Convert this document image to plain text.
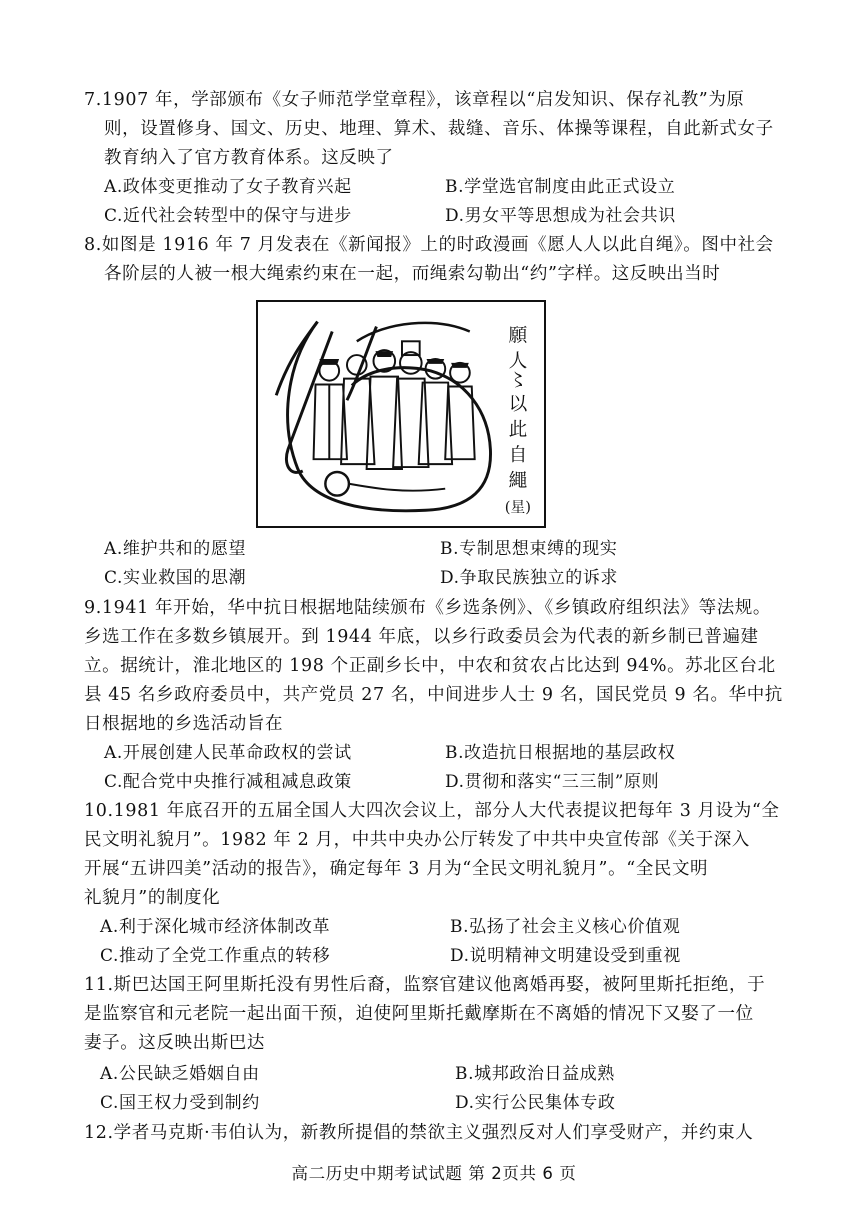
7.1907 年，学部颁布《女子师范学堂章程》，该章程以“启发知识、保存礼教”为原
则，设置修身、国文、历史、地理、算术、裁缝、音乐、体操等课程，自此新式女子
教育纳入了官方教育体系。这反映了
A.政体变更推动了女子教育兴起	B.学堂选官制度由此正式设立
C.近代社会转型中的保守与进步	D.男女平等思想成为社会共识
8.如图是 1916 年 7 月发表在《新闻报》上的时政漫画《愿人人以此自绳》。图中社会
各阶层的人被一根大绳索约束在一起，而绳索勾勒出“约”字样。这反映出当时
願
人
〻
以
此
自
繩
(星)
A.维护共和的愿望	B.专制思想束缚的现实
C.实业救国的思潮	D.争取民族独立的诉求
9.1941 年开始，华中抗日根据地陆续颁布《乡选条例》、《乡镇政府组织法》等法规。
乡选工作在多数乡镇展开。到 1944 年底，以乡行政委员会为代表的新乡制已普遍建
立。据统计，淮北地区的 198 个正副乡长中，中农和贫农占比达到 94%。苏北区台北
县 45 名乡政府委员中，共产党员 27 名，中间进步人士 9 名，国民党员 9 名。华中抗
日根据地的乡选活动旨在
A.开展创建人民革命政权的尝试	B.改造抗日根据地的基层政权
C.配合党中央推行减租减息政策	D.贯彻和落实“三三制”原则
10.1981 年底召开的五届全国人大四次会议上，部分人大代表提议把每年 3 月设为“全
民文明礼貌月”。1982 年 2 月，中共中央办公厅转发了中共中央宣传部《关于深入
开展“五讲四美”活动的报告》，确定每年 3 月为“全民文明礼貌月”。“全民文明
礼貌月”的制度化
A.利于深化城市经济体制改革	B.弘扬了社会主义核心价值观
C.推动了全党工作重点的转移	D.说明精神文明建设受到重视
11.斯巴达国王阿里斯托没有男性后裔，监察官建议他离婚再娶，被阿里斯托拒绝，于
是监察官和元老院一起出面干预，迫使阿里斯托戴摩斯在不离婚的情况下又娶了一位
妻子。这反映出斯巴达
A.公民缺乏婚姻自由	B.城邦政治日益成熟
C.国王权力受到制约	D.实行公民集体专政
12.学者马克斯·韦伯认为，新教所提倡的禁欲主义强烈反对人们享受财产，并约束人
高二历史中期考试试题 第 2页共 6 页
